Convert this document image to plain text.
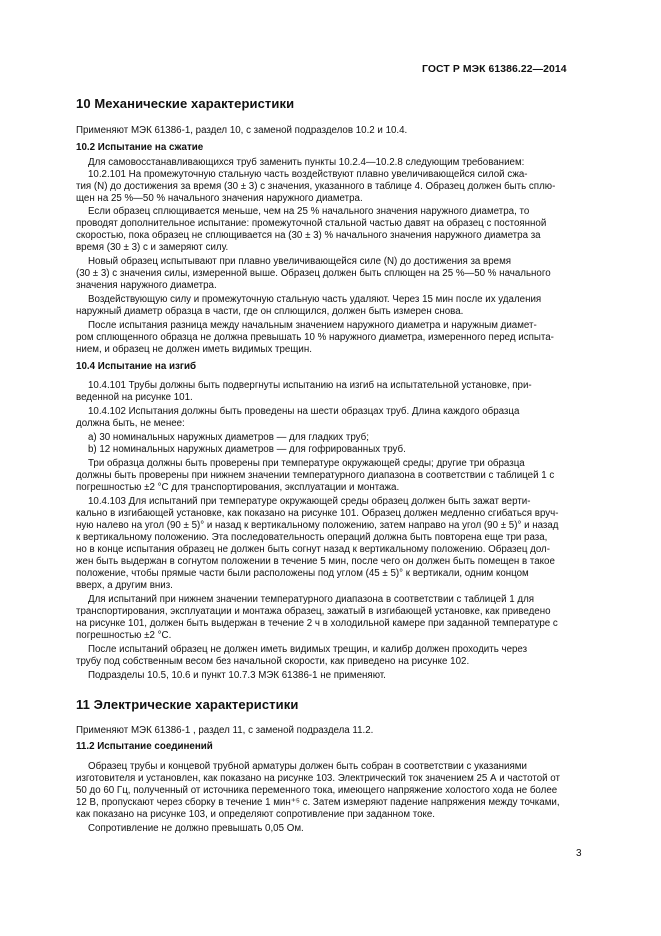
ГОСТ Р МЭК 61386.22—2014
10 Механические характеристики
Применяют МЭК 61386-1, раздел 10, с заменой подразделов 10.2 и 10.4.
10.2 Испытание на сжатие
Для самовосстанавливающихся труб заменить пункты 10.2.4—10.2.8 следующим требованием:
10.2.101 На промежуточную стальную часть воздействуют плавно увеличивающейся силой сжа-
тия (N) до достижения за время (30 ± 3) с значения, указанного в таблице 4. Образец должен быть сплю-
щен на 25 %—50 % начального значения наружного диаметра.
Если образец сплющивается меньше, чем на 25 % начального значения наружного диаметра, то
проводят дополнительное испытание: промежуточной стальной частью давят на образец с постоянной
скоростью, пока образец не сплющивается на (30 ± 3) % начального значения наружного диаметра за
время (30 ± 3) с и замеряют силу.
Новый образец испытывают при плавно увеличивающейся силе (N) до достижения за время
(30 ± 3) с значения силы, измеренной выше. Образец должен быть сплющен на 25 %—50 % начального
значения наружного диаметра.
Воздействующую силу и промежуточную стальную часть удаляют. Через 15 мин после их удаления
наружный диаметр образца в части, где он сплющился, должен быть измерен снова.
После испытания разница между начальным значением наружного диаметра и наружным диамет-
ром сплющенного образца не должна превышать 10 % наружного диаметра, измеренного перед испыта-
нием, и образец не должен иметь видимых трещин.
10.4 Испытание на изгиб
10.4.101 Трубы должны быть подвергнуты испытанию на изгиб на испытательной установке, при-
веденной на рисунке 101.
10.4.102 Испытания должны быть проведены на шести образцах труб. Длина каждого образца
должна быть, не менее:
a) 30 номинальных наружных диаметров — для гладких труб;
b) 12 номинальных наружных диаметров — для гофрированных труб.
Три образца должны быть проверены при температуре окружающей среды; другие три образца
должны быть проверены при нижнем значении температурного диапазона в соответствии с таблицей 1 с
погрешностью ±2 °С для транспортирования, эксплуатации и монтажа.
10.4.103 Для испытаний при температуре окружающей среды образец должен быть зажат верти-
кально в изгибающей установке, как показано на рисунке 101. Образец должен медленно сгибаться вруч-
ную налево на угол (90 ± 5)° и назад к вертикальному положению, затем направо на угол (90 ± 5)° и назад
к вертикальному положению. Эта последовательность операций должна быть повторена еще три раза,
но в конце испытания образец не должен быть согнут назад к вертикальному положению. Образец дол-
жен быть выдержан в согнутом положении в течение 5 мин, после чего он должен быть помещен в такое
положение, чтобы прямые части были расположены под углом (45 ± 5)° к вертикали, одним концом
вверх, а другим вниз.
Для испытаний при нижнем значении температурного диапазона в соответствии с таблицей 1 для
транспортирования, эксплуатации и монтажа образец, зажатый в изгибающей установке, как приведено
на рисунке 101, должен быть выдержан в течение 2 ч в холодильной камере при заданной температуре с
погрешностью ±2 °С.
После испытаний образец не должен иметь видимых трещин, и калибр должен проходить через
трубу под собственным весом без начальной скорости, как приведено на рисунке 102.
Подразделы 10.5, 10.6 и пункт 10.7.3 МЭК 61386-1 не применяют.
11 Электрические характеристики
Применяют МЭК 61386-1 , раздел 11, с заменой подраздела 11.2.
11.2 Испытание соединений
Образец трубы и концевой трубной арматуры должен быть собран в соответствии с указаниями
изготовителя и установлен, как показано на рисунке 103. Электрический ток значением 25 А и частотой от
50 до 60 Гц, полученный от источника переменного тока, имеющего напряжение холостого хода не более
12 В, пропускают через сборку в течение 1 мин⁺⁵ с. Затем измеряют падение напряжения между точками,
как показано на рисунке 103, и определяют сопротивление при заданном токе.
Сопротивление не должно превышать 0,05 Ом.
3
